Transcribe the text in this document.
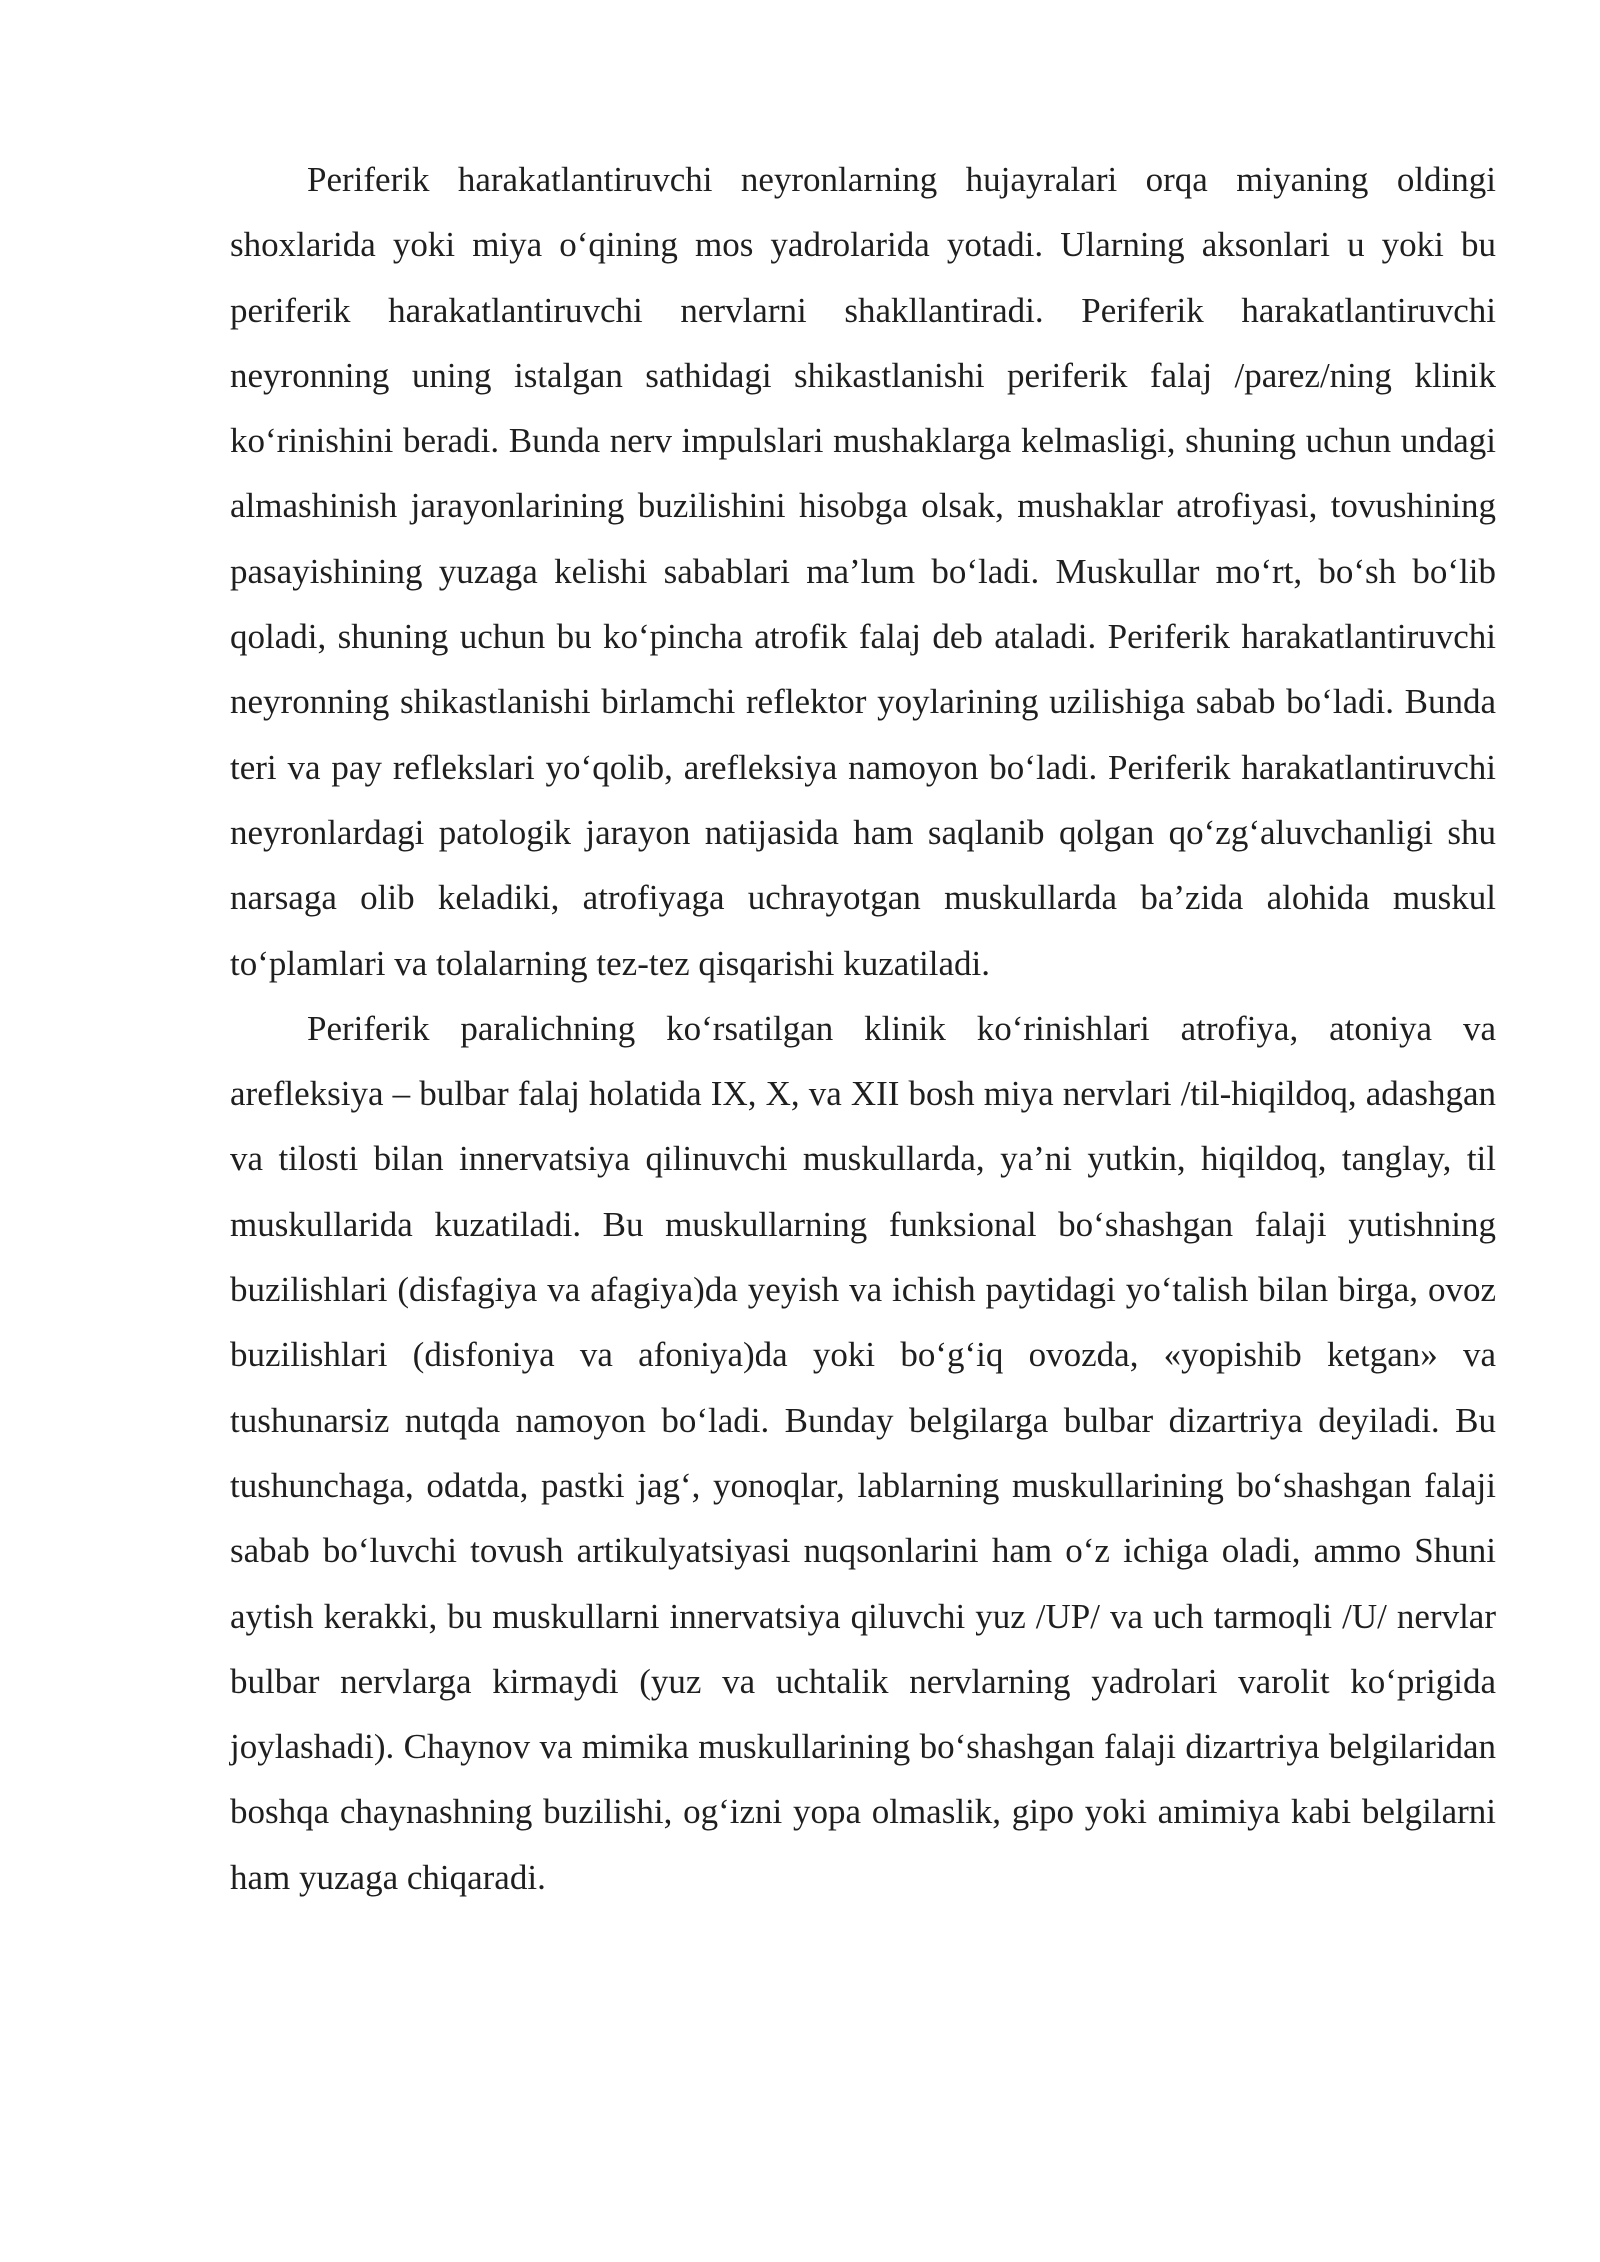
Periferik harakatlantiruvchi neyronlarning hujayralari orqa miyaning oldingi shoxlarida yoki miya o‘qining mos yadrolarida yotadi. Ularning aksonlari u yoki bu periferik harakatlantiruvchi nervlarni shakllantiradi. Periferik harakatlantiruvchi neyronning uning istalgan sathidagi shikastlanishi periferik falaj /parez/ning klinik ko‘rinishini beradi. Bunda nerv impulslari mushaklarga kelmasligi, shuning uchun undagi almashinish jarayonlarining buzilishini hisobga olsak, mushaklar atrofiyasi, tovushining pasayishining yuzaga kelishi sabablari ma’lum bo‘ladi. Muskullar mo‘rt, bo‘sh bo‘lib qoladi, shuning uchun bu ko‘pincha atrofik falaj deb ataladi. Periferik harakatlantiruvchi neyronning shikastlanishi birlamchi reflektor yoylarining uzilishiga sabab bo‘ladi. Bunda teri va pay reflekslari yo‘qolib, arefleksiya namoyon bo‘ladi. Periferik harakatlantiruvchi neyronlardagi patologik jarayon natijasida ham saqlanib qolgan qo‘zg‘aluvchanligi shu narsaga olib keladiki, atrofiyaga uchrayotgan muskullarda ba’zida alohida muskul to‘plamlari va tolalarning tez-tez qisqarishi kuzatiladi.

Periferik paralichning ko‘rsatilgan klinik ko‘rinishlari atrofiya, atoniya va arefleksiya – bulbar falaj holatida IX, X, va XII bosh miya nervlari /til-hiqildoq, adashgan va tilosti bilan innervatsiya qilinuvchi muskullarda, ya’ni yutkin, hiqildoq, tanglay, til muskullarida kuzatiladi. Bu muskullarning funksional bo‘shashgan falaji yutishning buzilishlari (disfagiya va afagiya)da yeyish va ichish paytidagi yo‘talish bilan birga, ovoz buzilishlari (disfoniya va afoniya)da yoki bo‘g‘iq ovozda, «yopishib ketgan» va tushunarsiz nutqda namoyon bo‘ladi. Bunday belgilarga bulbar dizartriya deyiladi. Bu tushunchaga, odatda, pastki jag‘, yonoqlar, lablarning muskullarining bo‘shashgan falaji sabab bo‘luvchi tovush artikulyatsiyasi nuqsonlarini ham o‘z ichiga oladi, ammo Shuni aytish kerakki, bu muskullarni innervatsiya qiluvchi yuz /UP/ va uch tarmoqli /U/ nervlar bulbar nervlarga kirmaydi (yuz va uchtalik nervlarning yadrolari varolit ko‘prigida joylashadi). Chaynov va mimika muskullarining bo‘shashgan falaji dizartriya belgilaridan boshqa chaynashning buzilishi, og‘izni yopa olmaslik, gipo yoki amimiya kabi belgilarni ham yuzaga chiqaradi.
